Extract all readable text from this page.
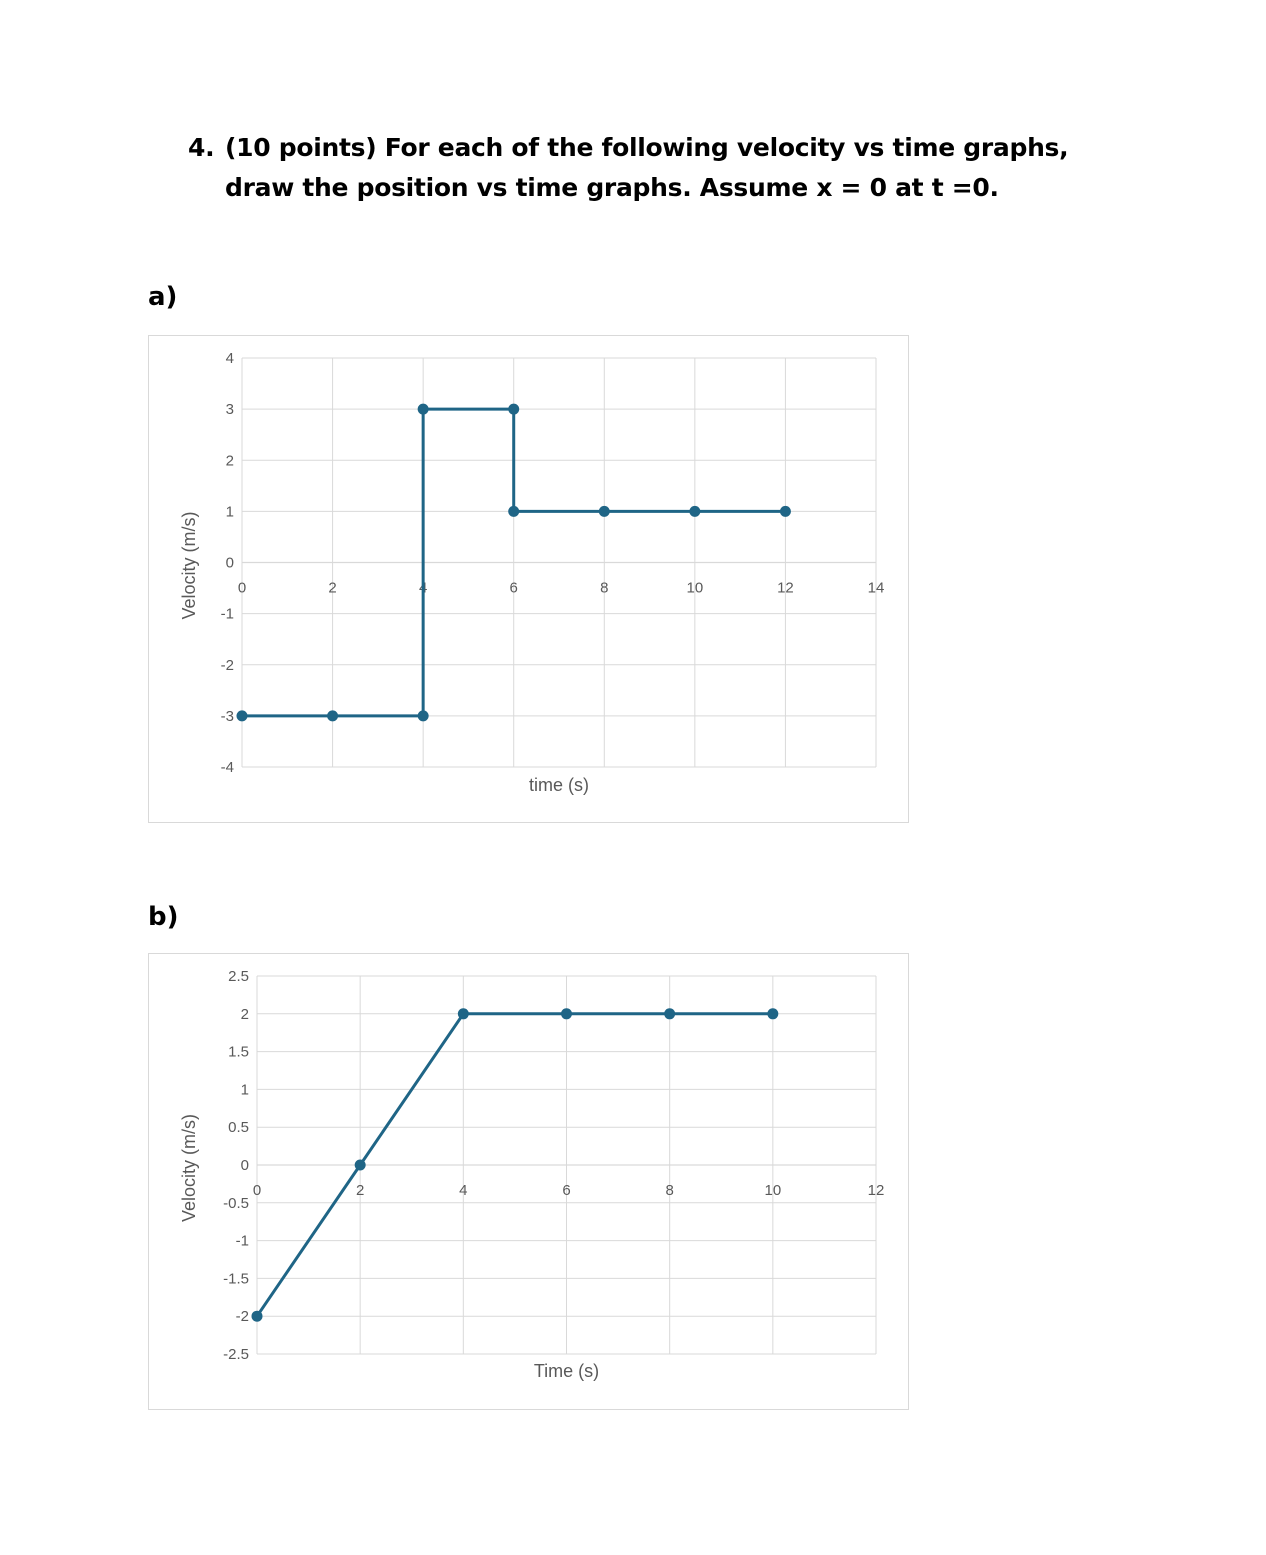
4. (10 points) For each of the following velocity vs time graphs, draw the position vs time graphs. Assume x = 0 at t =0.
a)
4
3
2
1
0
-1
-2
-3
-4
0	2	4	6	8	10	12	14
time (s)
Velocity (m/s)
b)
2.5
2
1.5
1
0.5
0
-0.5
-1
-1.5
-2
-2.5
0	2	4	6	8	10	12
Time (s)
Velocity (m/s)
